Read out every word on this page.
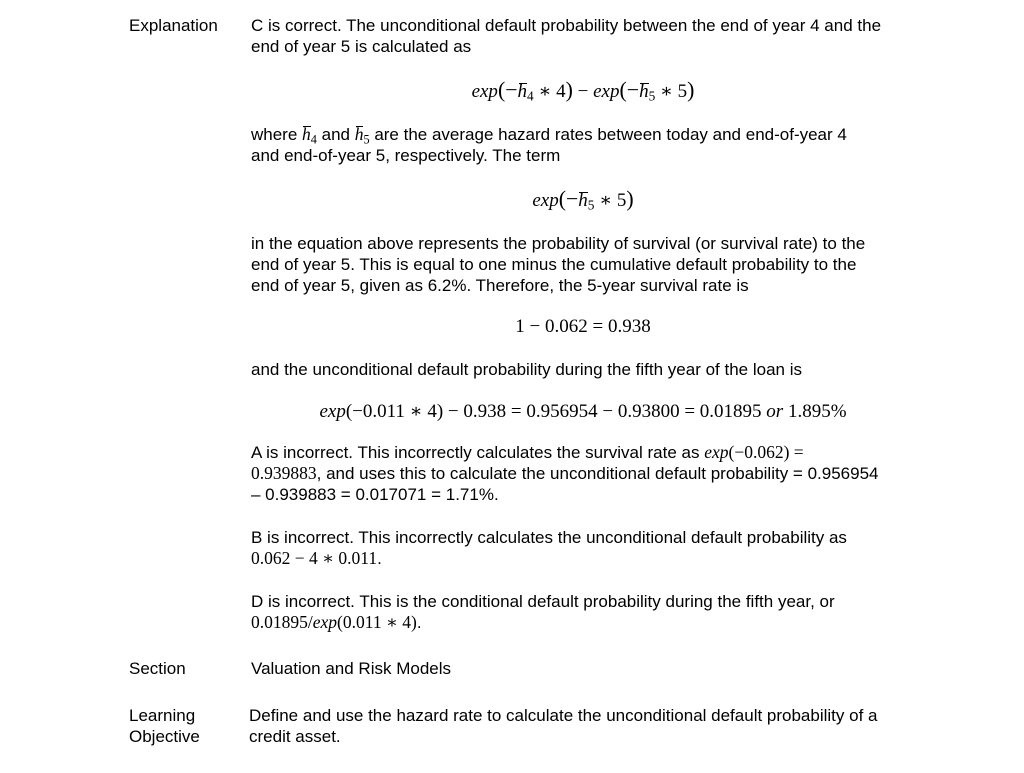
Explanation
Section
Learning
Objective
C is correct. The unconditional default probability between the end of year 4 and the
end of year 5 is calculated as
$\exp(-h_4$ ∗ $4) - \exp(-h_5$ ∗ 5)
where $h_4$ and $h_5$ are the average hazard rates between today and end-of-year 4
and end-of-year 5, respectively. The term
$\exp(-h_5$ ∗ 5)
in the equation above represents the probability of survival (or survival rate) to the
end of year 5. This is equal to one minus the cumulative default probability to the
end of year 5, given as 6.2%. Therefore, the 5-year survival rate is
1 − 0.062 = 0.938
and the unconditional default probability during the fifth year of the loan is
exp(−0.011 ∗ 4) − 0.938 = 0.956954 − 0.93800 = 0.01895 or 1.895%
A is incorrect. This incorrectly calculates the survival rate as exp(−0.062) =
0.939883, and uses this to calculate the unconditional default probability = 0.956954
– 0.939883 = 0.017071 = 1.71%.
B is incorrect. This incorrectly calculates the unconditional default probability as
0.062 − 4 ∗ 0.011.
D is incorrect. This is the conditional default probability during the fifth year, or
0.01895/exp(0.011 ∗ 4).
Valuation and Risk Models
Define and use the hazard rate to calculate the unconditional default probability of a
credit asset.
